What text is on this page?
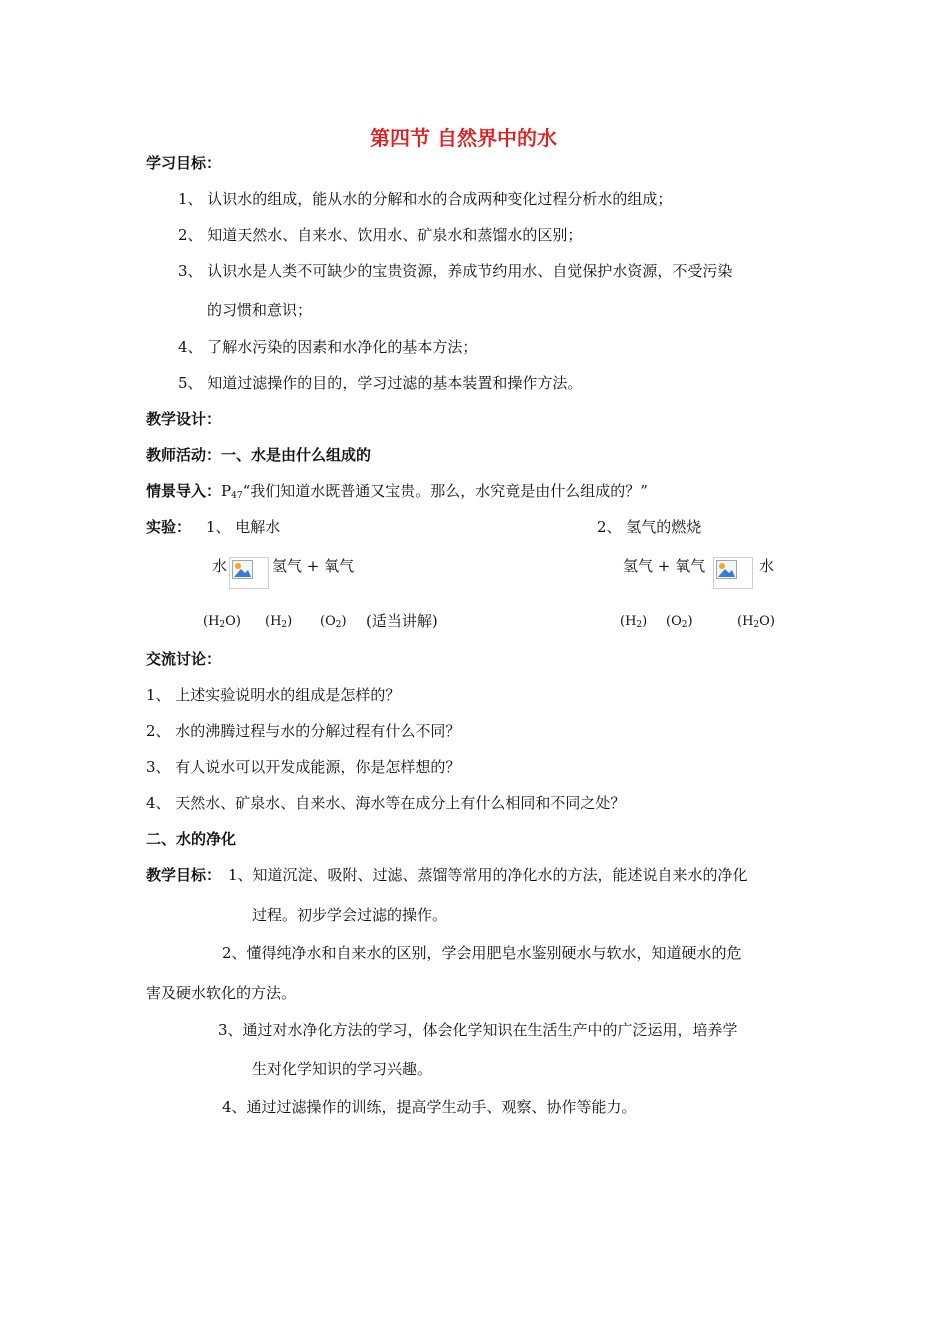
第四节 自然界中的水
学习目标：
1、 认识水的组成，能从水的分解和水的合成两种变化过程分析水的组成；
2、 知道天然水、自来水、饮用水、矿泉水和蒸馏水的区别；
3、 认识水是人类不可缺少的宝贵资源，养成节约用水、自觉保护水资源，不受污染
的习惯和意识；
4、 了解水污染的因素和水净化的基本方法；
5、 知道过滤操作的目的，学习过滤的基本装置和操作方法。
教学设计：
教师活动：一、水是由什么组成的
情景导入：$P_{47}“$我们知道水既普通又宝贵。那么，水究竟是由什么组成的？”
实验： 1、 电解水	2、 氢气的燃烧
水	氢气 + 氧气	氢气 + 氧气	水
$(H_2O)$ $(H_2)$ $(O_2)$ (适当讲解)	$(H_2)$ $(O_2)$	$(H_2O)$
交流讨论：
1、 上述实验说明水的组成是怎样的？
2、 水的沸腾过程与水的分解过程有什么不同？
3、 有人说水可以开发成能源，你是怎样想的？
4、 天然水、矿泉水、自来水、海水等在成分上有什么相同和不同之处？
二、水的净化
教学目标： 1、知道沉淀、吸附、过滤、蒸馏等常用的净化水的方法，能述说自来水的净化
过程。初步学会过滤的操作。
2、懂得纯净水和自来水的区别，学会用肥皂水鉴别硬水与软水，知道硬水的危
害及硬水软化的方法。
3、通过对水净化方法的学习，体会化学知识在生活生产中的广泛运用，培养学
生对化学知识的学习兴趣。
4、通过过滤操作的训练，提高学生动手、观察、协作等能力。
